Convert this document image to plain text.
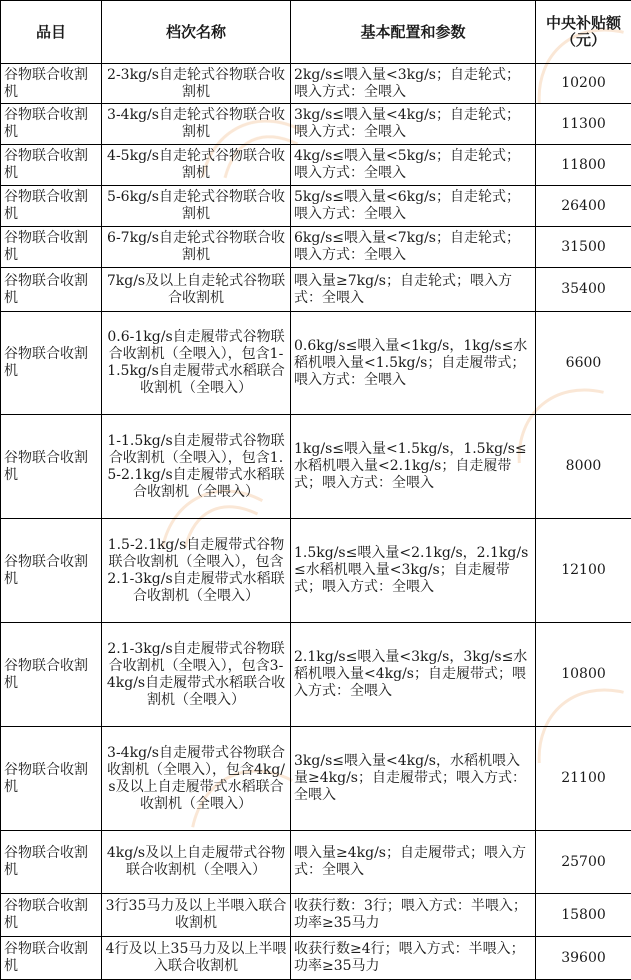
品目	档次名称	基本配置和参数	中央补贴额（元）
谷物联合收割机	2-3kg/s自走轮式谷物联合收割机	2kg/s≤喂入量<3kg/s；自走轮式；喂入方式：全喂入	10200
谷物联合收割机	3-4kg/s自走轮式谷物联合收割机	3kg/s≤喂入量<4kg/s；自走轮式；喂入方式：全喂入	11300
谷物联合收割机	4-5kg/s自走轮式谷物联合收割机	4kg/s≤喂入量<5kg/s；自走轮式；喂入方式：全喂入	11800
谷物联合收割机	5-6kg/s自走轮式谷物联合收割机	5kg/s≤喂入量<6kg/s；自走轮式；喂入方式：全喂入	26400
谷物联合收割机	6-7kg/s自走轮式谷物联合收割机	6kg/s≤喂入量<7kg/s；自走轮式；喂入方式：全喂入	31500
谷物联合收割机	7kg/s及以上自走轮式谷物联合收割机	喂入量≥7kg/s；自走轮式；喂入方式：全喂入	35400
谷物联合收割机	0.6-1kg/s自走履带式谷物联合收割机（全喂入），包含1-1.5kg/s自走履带式水稻联合收割机（全喂入）	0.6kg/s≤喂入量<1kg/s，1kg/s≤水稻机喂入量<1.5kg/s；自走履带式；喂入方式：全喂入	6600
谷物联合收割机	1-1.5kg/s自走履带式谷物联合收割机（全喂入），包含1.5-2.1kg/s自走履带式水稻联合收割机（全喂入）	1kg/s≤喂入量<1.5kg/s，1.5kg/s≤水稻机喂入量<2.1kg/s；自走履带式；喂入方式：全喂入	8000
谷物联合收割机	1.5-2.1kg/s自走履带式谷物联合收割机（全喂入），包含2.1-3kg/s自走履带式水稻联合收割机（全喂入）	1.5kg/s≤喂入量<2.1kg/s，2.1kg/s≤水稻机喂入量<3kg/s；自走履带式；喂入方式：全喂入	12100
谷物联合收割机	2.1-3kg/s自走履带式谷物联合收割机（全喂入），包含3-4kg/s自走履带式水稻联合收割机（全喂入）	2.1kg/s≤喂入量<3kg/s，3kg/s≤水稻机喂入量<4kg/s；自走履带式；喂入方式：全喂入	10800
谷物联合收割机	3-4kg/s自走履带式谷物联合收割机（全喂入），包含4kg/s及以上自走履带式水稻联合收割机（全喂入）	3kg/s≤喂入量<4kg/s，水稻机喂入量≥4kg/s；自走履带式；喂入方式：全喂入	21100
谷物联合收割机	4kg/s及以上自走履带式谷物联合收割机（全喂入）	喂入量≥4kg/s；自走履带式；喂入方式：全喂入	25700
谷物联合收割机	3行35马力及以上半喂入联合收割机	收获行数：3行；喂入方式：半喂入；功率≥35马力	15800
谷物联合收割机	4行及以上35马力及以上半喂入联合收割机	收获行数≥4行；喂入方式：半喂入；功率≥35马力	39600
